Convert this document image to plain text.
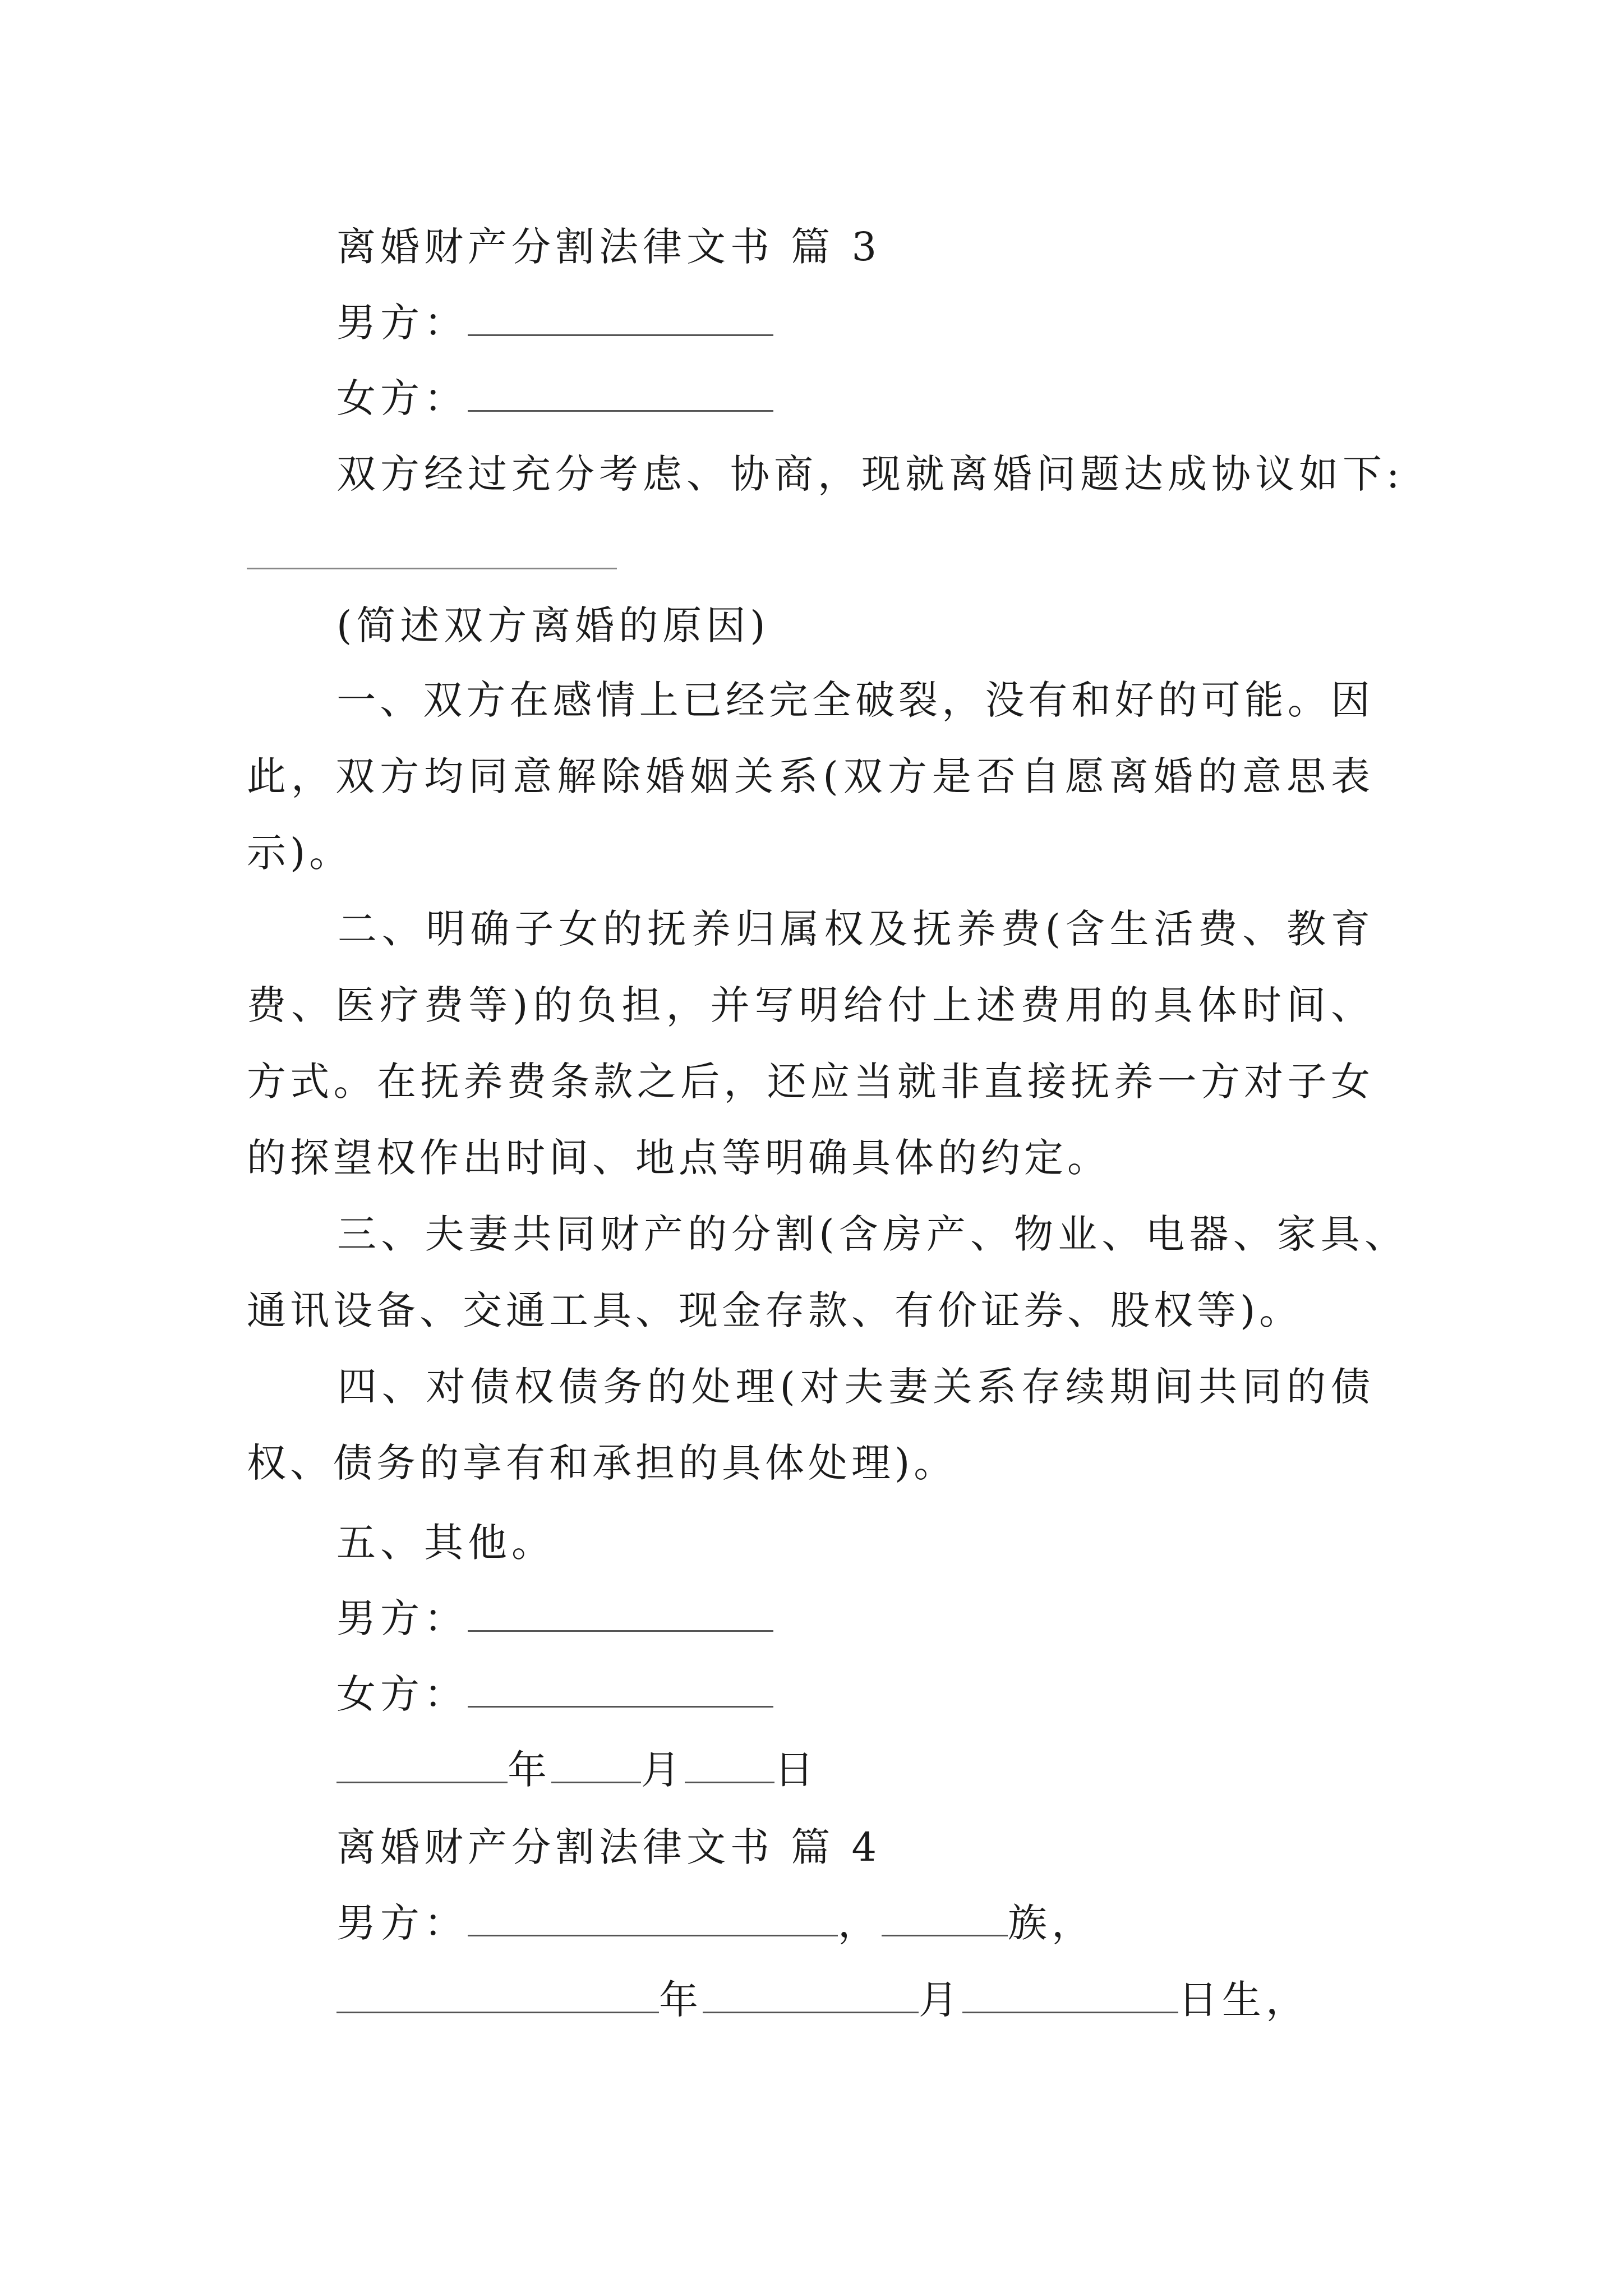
离婚财产分割法律文书 篇 3
男方：
女方：
双方经过充分考虑、协商，现就离婚问题达成协议如下:
(简述双方离婚的原因)
一、双方在感情上已经完全破裂，没有和好的可能。因此，双方均同意解除婚姻关系(双方是否自愿离婚的意思表示)。
二、明确子女的抚养归属权及抚养费(含生活费、教育费、医疗费等)的负担，并写明给付上述费用的具体时间、方式。在抚养费条款之后，还应当就非直接抚养一方对子女的探望权作出时间、地点等明确具体的约定。
三、夫妻共同财产的分割(含房产、物业、电器、家具、通讯设备、交通工具、现金存款、有价证券、股权等)。
四、对债权债务的处理(对夫妻关系存续期间共同的债权、债务的享有和承担的具体处理)。
五、其他。
男方：
女方：
年 月 日
离婚财产分割法律文书 篇 4
男方：	，	族，
年	月	日生，
